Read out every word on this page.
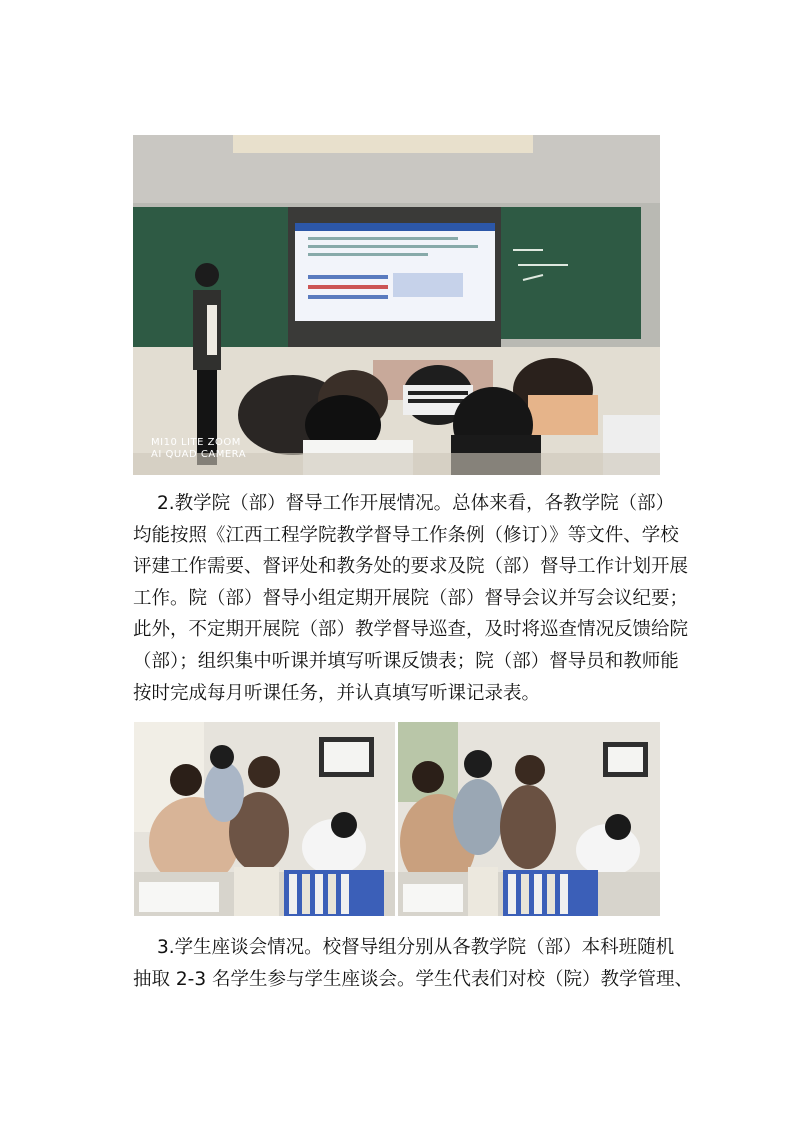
MI10 LITE ZOOM
AI QUAD CAMERA
2.教学院（部）督导工作开展情况。总体来看，各教学院（部）
均能按照《江西工程学院教学督导工作条例（修订）》等文件、学校
评建工作需要、督评处和教务处的要求及院（部）督导工作计划开展
工作。院（部）督导小组定期开展院（部）督导会议并写会议纪要；
此外，不定期开展院（部）教学督导巡查，及时将巡查情况反馈给院
（部）；组织集中听课并填写听课反馈表；院（部）督导员和教师能
按时完成每月听课任务，并认真填写听课记录表。
3.学生座谈会情况。校督导组分别从各教学院（部）本科班随机
抽取 2-3 名学生参与学生座谈会。学生代表们对校（院）教学管理、
